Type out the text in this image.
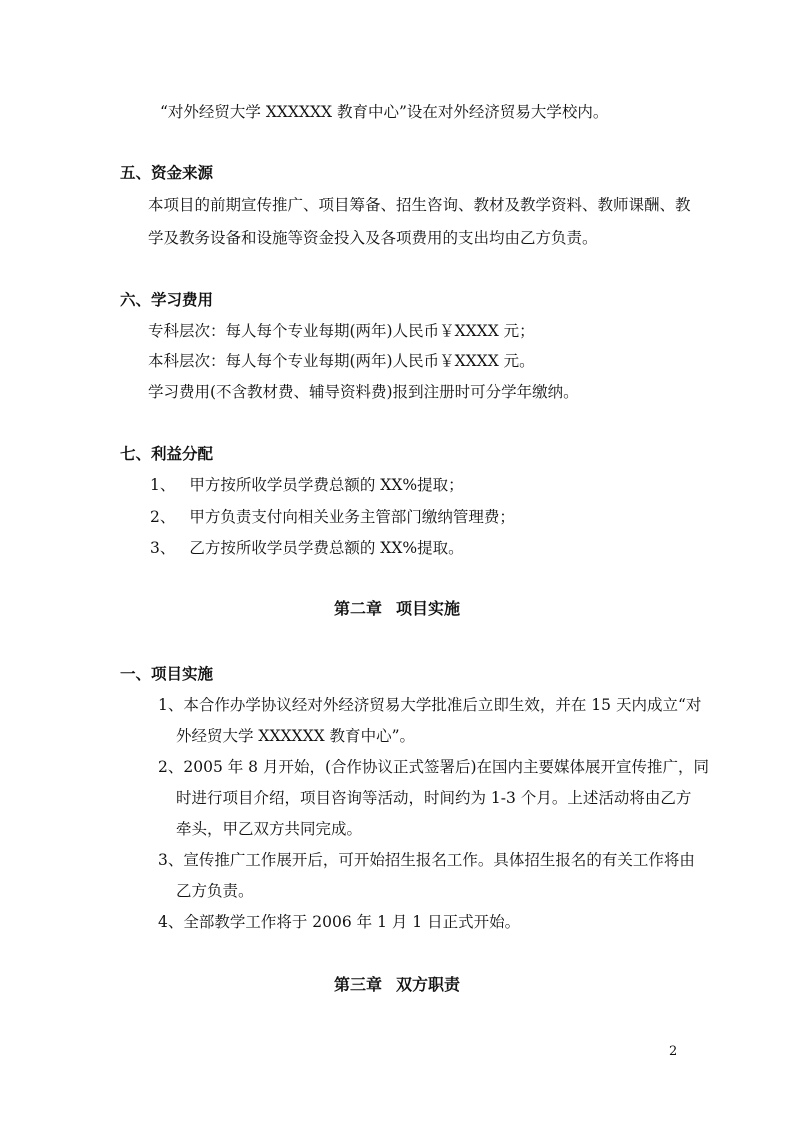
“对外经贸大学 XXXXXX 教育中心”设在对外经济贸易大学校内。
五、资金来源
本项目的前期宣传推广、项目筹备、招生咨询、教材及教学资料、教师课酬、教
学及教务设备和设施等资金投入及各项费用的支出均由乙方负责。
六、学习费用
专科层次：每人每个专业每期(两年)人民币￥XXXX 元；
本科层次：每人每个专业每期(两年)人民币￥XXXX 元。
学习费用(不含教材费、辅导资料费)报到注册时可分学年缴纳。
七、利益分配
1、 甲方按所收学员学费总额的 XX%提取；
2、 甲方负责支付向相关业务主管部门缴纳管理费；
3、 乙方按所收学员学费总额的 XX%提取。
第二章 项目实施
一、项目实施
1、本合作办学协议经对外经济贸易大学批准后立即生效，并在 15 天内成立“对
外经贸大学 XXXXXX 教育中心”。
2、2005 年 8 月开始，(合作协议正式签署后)在国内主要媒体展开宣传推广，同
时进行项目介绍，项目咨询等活动，时间约为 1-3 个月。上述活动将由乙方
牵头，甲乙双方共同完成。
3、宣传推广工作展开后，可开始招生报名工作。具体招生报名的有关工作将由
乙方负责。
4、全部教学工作将于 2006 年 1 月 1 日正式开始。
第三章 双方职责
2
